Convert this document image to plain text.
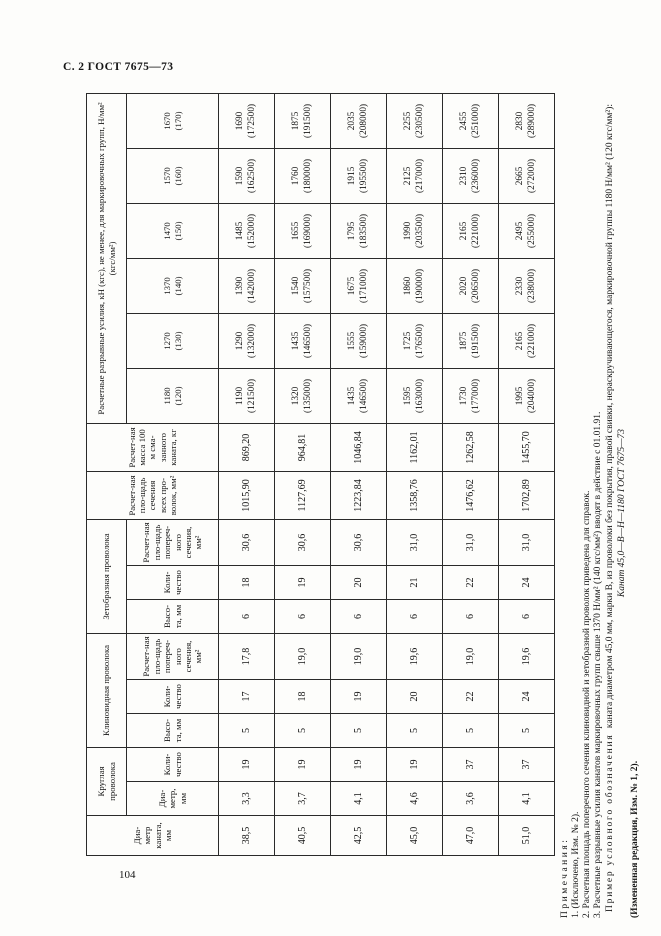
С. 2 ГОСТ 7675—73
Диа-метр каната, мм	Круглая проволока		Клиновидная проволока			Зетобразная проволока			Расчет-ная пло-щадь сечения всех про-волок, мм²	Расчет-ная масса 100 м сма-занного каната, кг	Расчетные разрывные усилия, кН (кгс), не менее, для маркировочных групп, Н/мм² (кгс/мм²)					
	Диа-метр, мм	Коли-чество	Высо-та, мм	Коли-чество	Расчет-ная пло-щадь попереч-ного сечения, мм²	Высо-та, мм	Коли-чество	Расчет-ная пло-щадь попереч-ного сечения, мм²			1180 (120)	1270 (130)	1370 (140)	1470 (150)	1570 (160)	1670 (170)
38,5	3,3	19	5	17	17,8	6	18	30,6	1015,90	869,20	1190 (121500)	1290 (132000)	1390 (142000)	1485 (152000)	1590 (162500)	1690 (172500)
40,5	3,7	19	5	18	19,0	6	19	30,6	1127,69	964,81	1320 (135000)	1435 (146500)	1540 (157500)	1655 (169000)	1760 (180000)	1875 (191500)
42,5	4,1	19	5	19	19,0	6	20	30,6	1223,84	1046,84	1435 (146500)	1555 (159000)	1675 (171000)	1795 (183500)	1915 (195500)	2035 (208000)
45,0	4,6	19	5	20	19,6	6	21	31,0	1358,76	1162,01	1595 (163000)	1725 (176500)	1860 (190000)	1990 (203500)	2125 (217000)	2255 (230500)
47,0	3,6	37	5	22	19,0	6	22	31,0	1476,62	1262,58	1730 (177000)	1875 (191500)	2020 (206500)	2165 (221000)	2310 (236000)	2455 (251000)
51,0	4,1	37	5	24	19,6	6	24	31,0	1702,89	1455,70	1995 (204000)	2165 (221000)	2330 (238000)	2495 (255000)	2665 (272000)	2830 (289000)
Примечания: 1. (Исключено, Изм. № 2). 2. Расчетная площадь поперечного сечения клиновидной и зетобразной проволок приведена для справок. 3. Расчетные разрывные усилия канатов маркировочных групп свыше 1370 Н/мм² (140 кгс/мм²) вводят в действие с 01.01.91. Пример условного обозначения каната диаметром 45,0 мм, марки В, из проволоки без покрытия, правой свивки, нераскручивающегося, маркировочной группы 1180 Н/мм² (120 кгс/мм²): Канат 45,0—В—Н—1180 ГОСТ 7675—73
(Измененная редакция, Изм. № 1, 2).
104
